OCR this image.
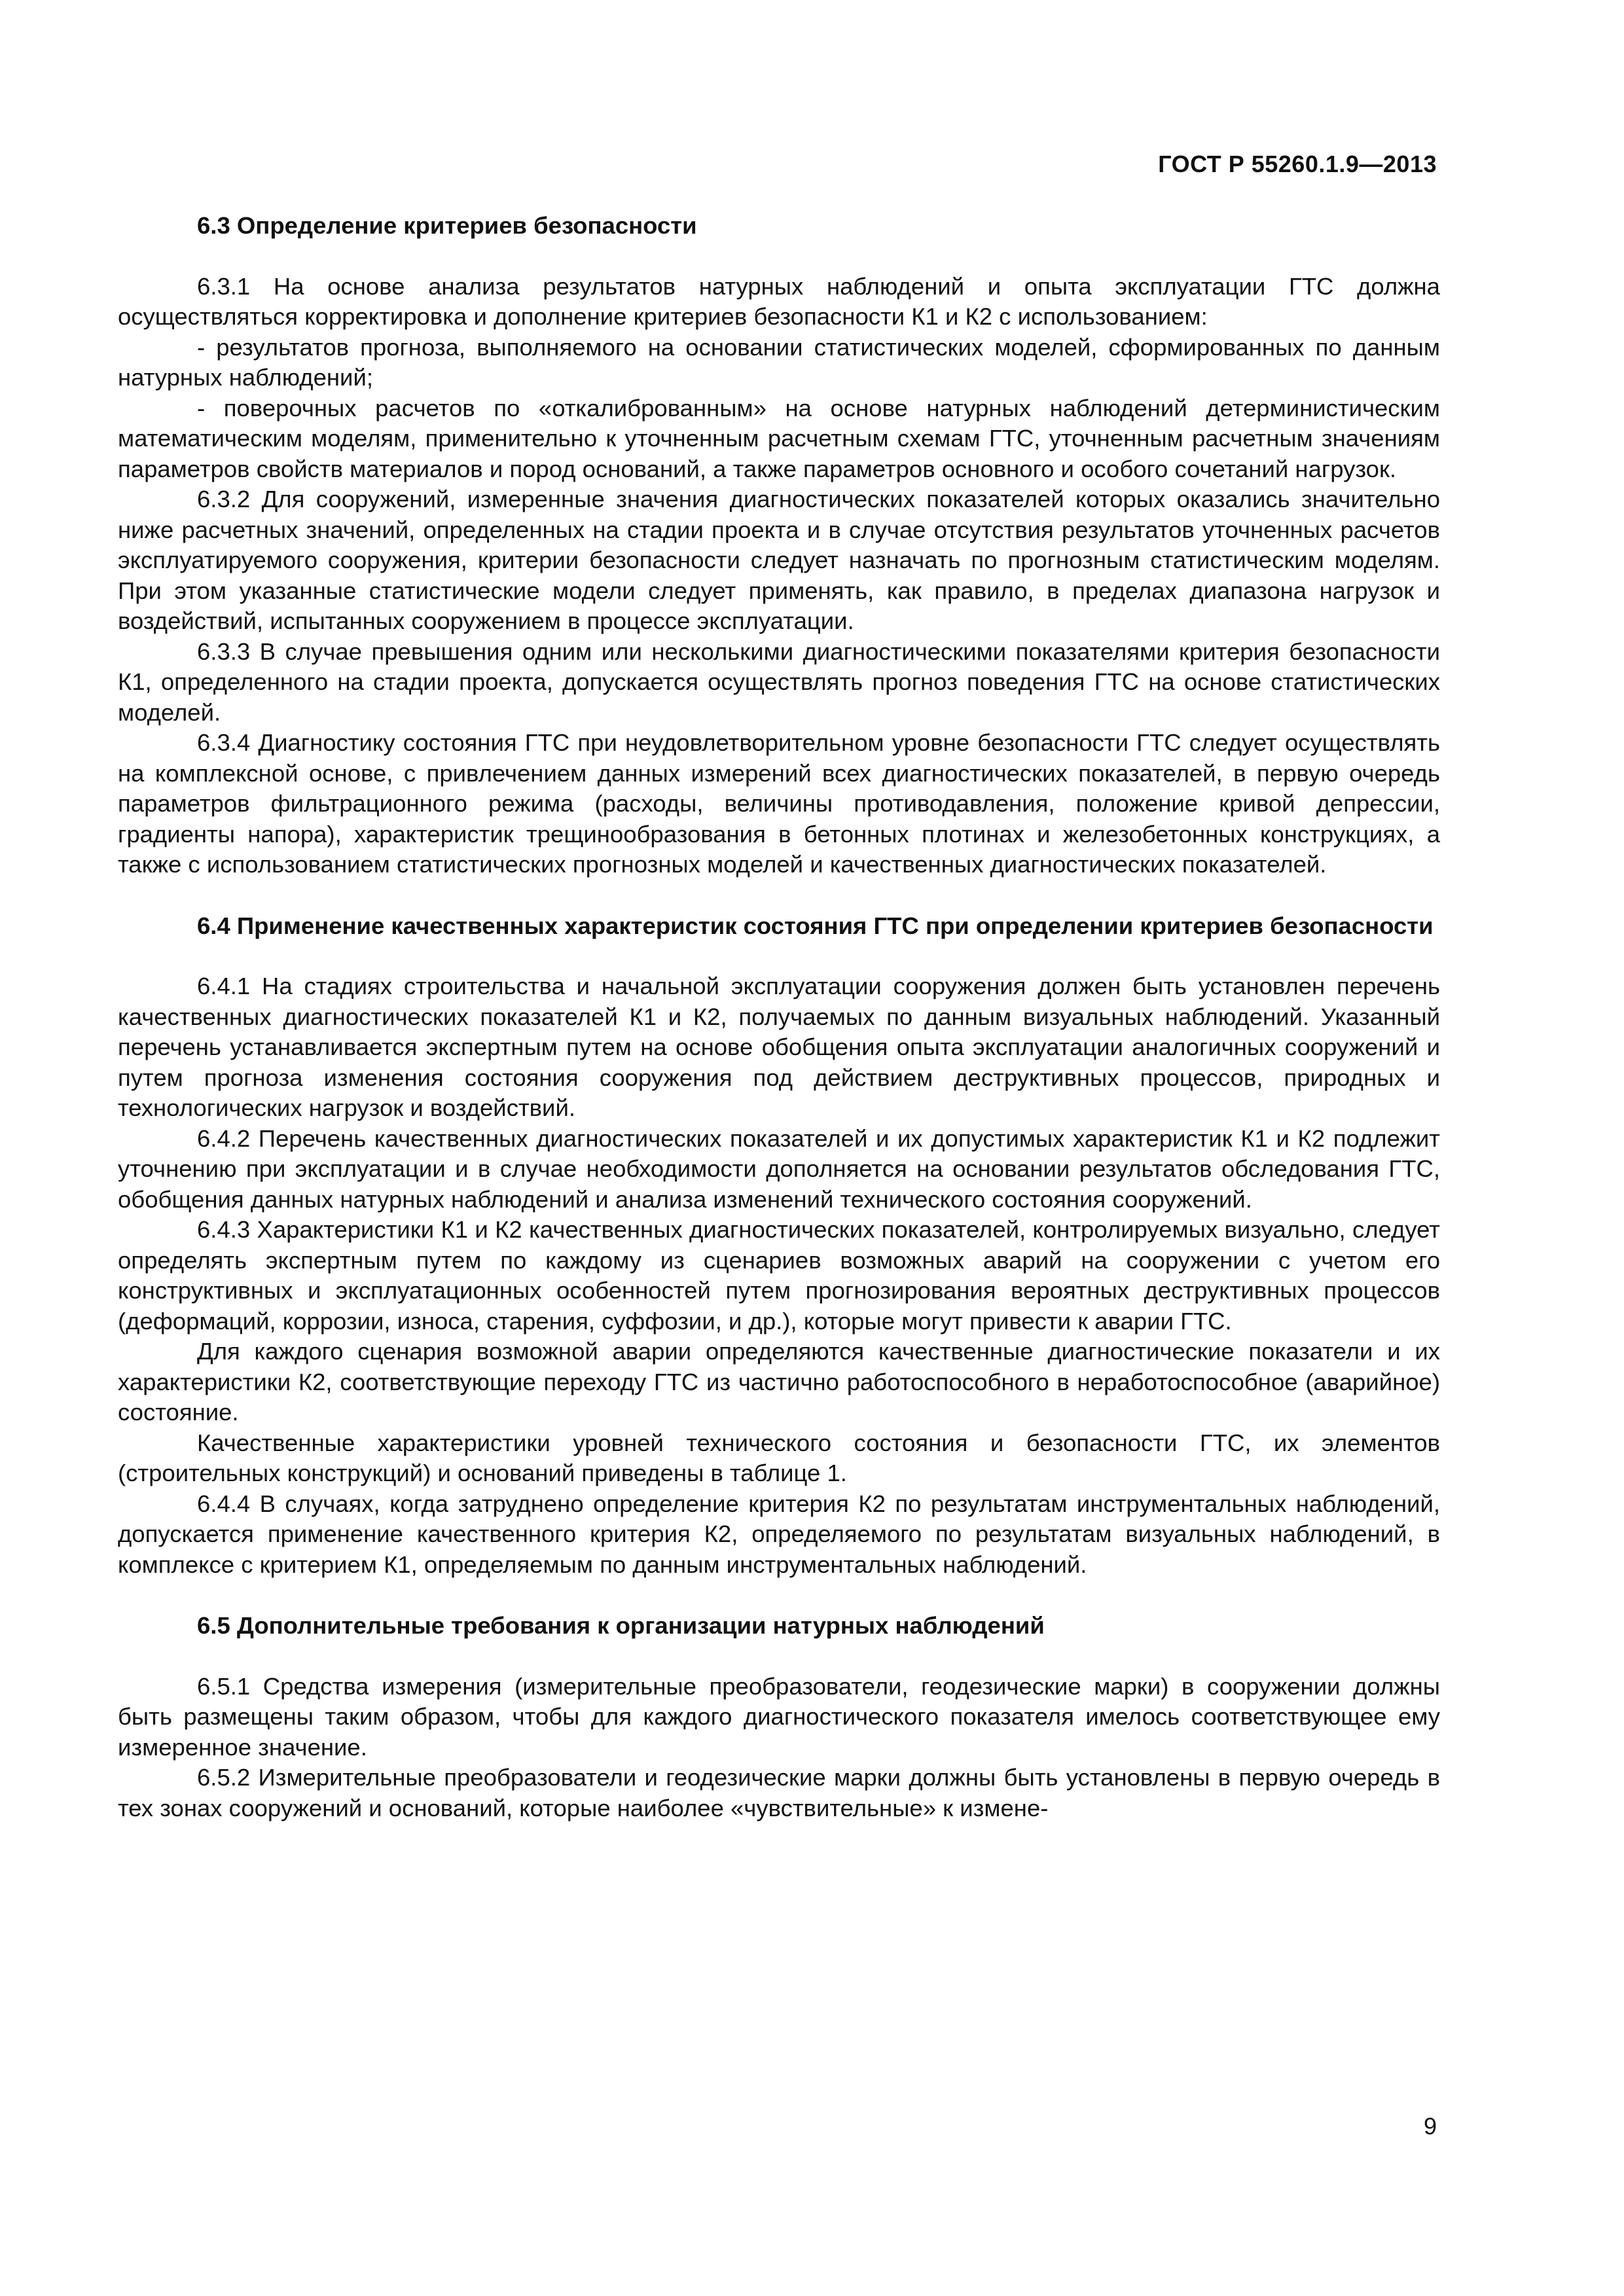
ГОСТ Р 55260.1.9—2013
6.3 Определение критериев безопасности

6.3.1 На основе анализа результатов натурных наблюдений и опыта эксплуатации ГТС должна осуществляться корректировка и дополнение критериев безопасности К1 и К2 с использованием:

- результатов прогноза, выполняемого на основании статистических моделей, сформированных по данным натурных наблюдений;

- поверочных расчетов по «откалиброванным» на основе натурных наблюдений детерминистическим математическим моделям, применительно к уточненным расчетным схемам ГТС, уточненным расчетным значениям параметров свойств материалов и пород оснований, а также параметров основного и особого сочетаний нагрузок.

6.3.2 Для сооружений, измеренные значения диагностических показателей которых оказались значительно ниже расчетных значений, определенных на стадии проекта и в случае отсутствия результатов уточненных расчетов эксплуатируемого сооружения, критерии безопасности следует назначать по прогнозным статистическим моделям. При этом указанные статистические модели следует применять, как правило, в пределах диапазона нагрузок и воздействий, испытанных сооружением в процессе эксплуатации.

6.3.3 В случае превышения одним или несколькими диагностическими показателями критерия безопасности К1, определенного на стадии проекта, допускается осуществлять прогноз поведения ГТС на основе статистических моделей.

6.3.4 Диагностику состояния ГТС при неудовлетворительном уровне безопасности ГТС следует осуществлять на комплексной основе, с привлечением данных измерений всех диагностических показателей, в первую очередь параметров фильтрационного режима (расходы, величины противодавления, положение кривой депрессии, градиенты напора), характеристик трещинообразования в бетонных плотинах и железобетонных конструкциях, а также с использованием статистических прогнозных моделей и качественных диагностических показателей.

6.4 Применение качественных характеристик состояния ГТС при определении критериев безопасности

6.4.1 На стадиях строительства и начальной эксплуатации сооружения должен быть установлен перечень качественных диагностических показателей К1 и К2, получаемых по данным визуальных наблюдений. Указанный перечень устанавливается экспертным путем на основе обобщения опыта эксплуатации аналогичных сооружений и путем прогноза изменения состояния сооружения под действием деструктивных процессов, природных и технологических нагрузок и воздействий.

6.4.2 Перечень качественных диагностических показателей и их допустимых характеристик К1 и К2 подлежит уточнению при эксплуатации и в случае необходимости дополняется на основании результатов обследования ГТС, обобщения данных натурных наблюдений и анализа изменений технического состояния сооружений.

6.4.3 Характеристики К1 и К2 качественных диагностических показателей, контролируемых визуально, следует определять экспертным путем по каждому из сценариев возможных аварий на сооружении с учетом его конструктивных и эксплуатационных особенностей путем прогнозирования вероятных деструктивных процессов (деформаций, коррозии, износа, старения, суффозии, и др.), которые могут привести к аварии ГТС.

Для каждого сценария возможной аварии определяются качественные диагностические показатели и их характеристики К2, соответствующие переходу ГТС из частично работоспособного в неработоспособное (аварийное) состояние.

Качественные характеристики уровней технического состояния и безопасности ГТС, их элементов (строительных конструкций) и оснований приведены в таблице 1.

6.4.4 В случаях, когда затруднено определение критерия К2 по результатам инструментальных наблюдений, допускается применение качественного критерия К2, определяемого по результатам визуальных наблюдений, в комплексе с критерием К1, определяемым по данным инструментальных наблюдений.

6.5 Дополнительные требования к организации натурных наблюдений

6.5.1 Средства измерения (измерительные преобразователи, геодезические марки) в сооружении должны быть размещены таким образом, чтобы для каждого диагностического показателя имелось соответствующее ему измеренное значение.

6.5.2 Измерительные преобразователи и геодезические марки должны быть установлены в первую очередь в тех зонах сооружений и оснований, которые наиболее «чувствительные» к измене-

9
